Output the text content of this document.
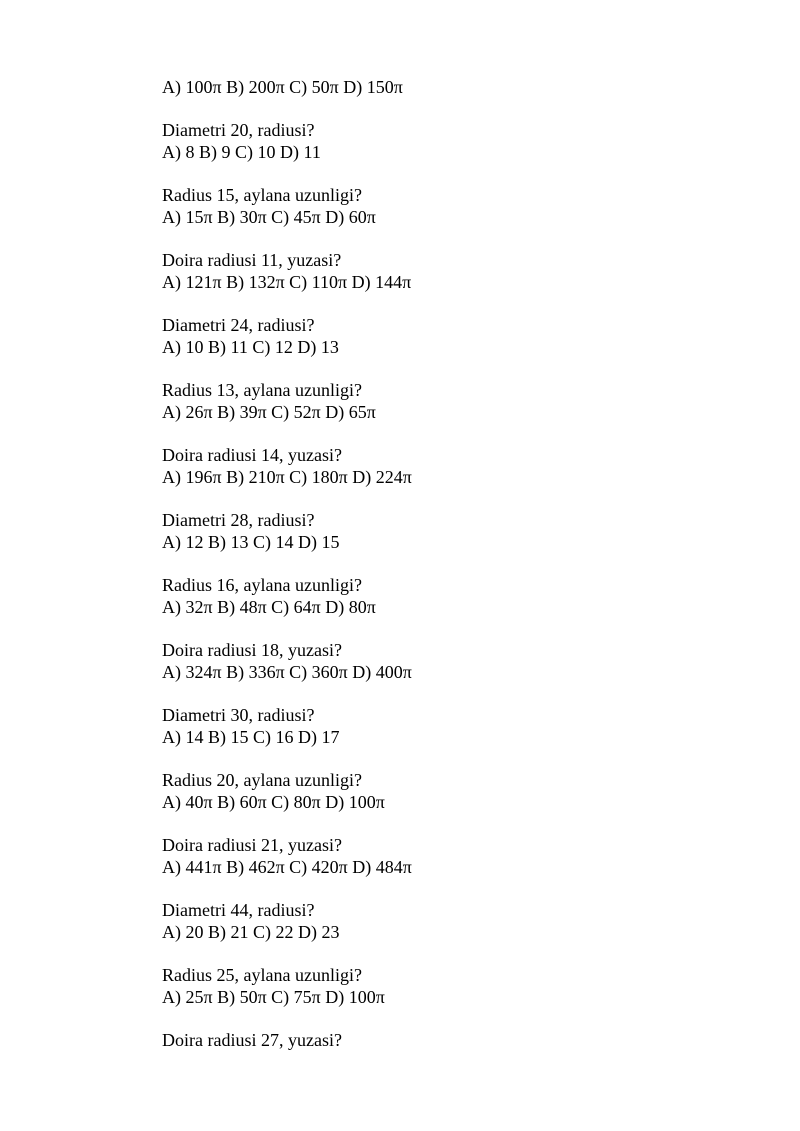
A) 100π B) 200π C) 50π D) 150π
Diametri 20, radiusi?
A) 8 B) 9 C) 10 D) 11
Radius 15, aylana uzunligi?
A) 15π B) 30π C) 45π D) 60π
Doira radiusi 11, yuzasi?
A) 121π B) 132π C) 110π D) 144π
Diametri 24, radiusi?
A) 10 B) 11 C) 12 D) 13
Radius 13, aylana uzunligi?
A) 26π B) 39π C) 52π D) 65π
Doira radiusi 14, yuzasi?
A) 196π B) 210π C) 180π D) 224π
Diametri 28, radiusi?
A) 12 B) 13 C) 14 D) 15
Radius 16, aylana uzunligi?
A) 32π B) 48π C) 64π D) 80π
Doira radiusi 18, yuzasi?
A) 324π B) 336π C) 360π D) 400π
Diametri 30, radiusi?
A) 14 B) 15 C) 16 D) 17
Radius 20, aylana uzunligi?
A) 40π B) 60π C) 80π D) 100π
Doira radiusi 21, yuzasi?
A) 441π B) 462π C) 420π D) 484π
Diametri 44, radiusi?
A) 20 B) 21 C) 22 D) 23
Radius 25, aylana uzunligi?
A) 25π B) 50π C) 75π D) 100π
Doira radiusi 27, yuzasi?
